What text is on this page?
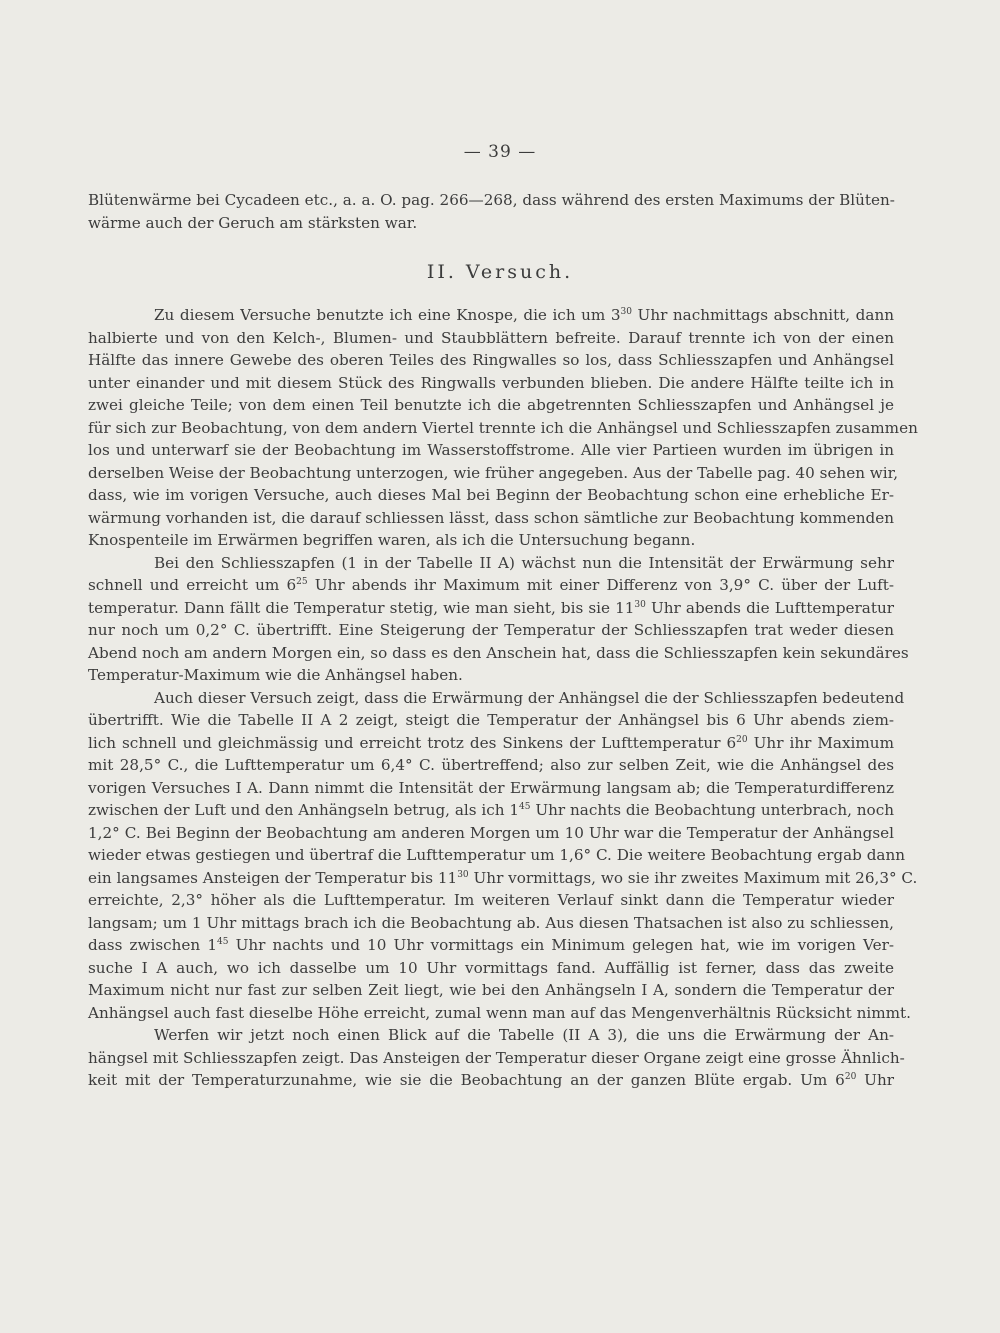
— 39 —
Blütenwärme bei Cycadeen etc., a. a. O. pag. 266—268, dass während des ersten Maximums der Blüten-
wärme auch der Geruch am stärksten war.
II. Versuch.
Zu diesem Versuche benutzte ich eine Knospe, die ich um $3^{30}$ Uhr nachmittags abschnitt, dann
halbierte und von den Kelch-, Blumen- und Staubblättern befreite. Darauf trennte ich von der einen
Hälfte das innere Gewebe des oberen Teiles des Ringwalles so los, dass Schliesszapfen und Anhängsel
unter einander und mit diesem Stück des Ringwalls verbunden blieben. Die andere Hälfte teilte ich in
zwei gleiche Teile; von dem einen Teil benutzte ich die abgetrennten Schliesszapfen und Anhängsel je
für sich zur Beobachtung, von dem andern Viertel trennte ich die Anhängsel und Schliesszapfen zusammen
los und unterwarf sie der Beobachtung im Wasserstoffstrome. Alle vier Partieen wurden im übrigen in
derselben Weise der Beobachtung unterzogen, wie früher angegeben. Aus der Tabelle pag. 40 sehen wir,
dass, wie im vorigen Versuche, auch dieses Mal bei Beginn der Beobachtung schon eine erhebliche Er-
wärmung vorhanden ist, die darauf schliessen lässt, dass schon sämtliche zur Beobachtung kommenden
Knospenteile im Erwärmen begriffen waren, als ich die Untersuchung begann.
Bei den Schliesszapfen (1 in der Tabelle II A) wächst nun die Intensität der Erwärmung sehr
schnell und erreicht um $6^{25}$ Uhr abends ihr Maximum mit einer Differenz von 3,9° C. über der Luft-
temperatur. Dann fällt die Temperatur stetig, wie man sieht, bis sie $11^{30}$ Uhr abends die Lufttemperatur
nur noch um 0,2° C. übertrifft. Eine Steigerung der Temperatur der Schliesszapfen trat weder diesen
Abend noch am andern Morgen ein, so dass es den Anschein hat, dass die Schliesszapfen kein sekundäres
Temperatur-Maximum wie die Anhängsel haben.
Auch dieser Versuch zeigt, dass die Erwärmung der Anhängsel die der Schliesszapfen bedeutend
übertrifft. Wie die Tabelle II A 2 zeigt, steigt die Temperatur der Anhängsel bis 6 Uhr abends ziem-
lich schnell und gleichmässig und erreicht trotz des Sinkens der Lufttemperatur $6^{20}$ Uhr ihr Maximum
mit 28,5° C., die Lufttemperatur um 6,4° C. übertreffend; also zur selben Zeit, wie die Anhängsel des
vorigen Versuches I A. Dann nimmt die Intensität der Erwärmung langsam ab; die Temperaturdifferenz
zwischen der Luft und den Anhängseln betrug, als ich $1^{45}$ Uhr nachts die Beobachtung unterbrach, noch
1,2° C. Bei Beginn der Beobachtung am anderen Morgen um 10 Uhr war die Temperatur der Anhängsel
wieder etwas gestiegen und übertraf die Lufttemperatur um 1,6° C. Die weitere Beobachtung ergab dann
ein langsames Ansteigen der Temperatur bis $11^{30}$ Uhr vormittags, wo sie ihr zweites Maximum mit 26,3° C.
erreichte, 2,3° höher als die Lufttemperatur. Im weiteren Verlauf sinkt dann die Temperatur wieder
langsam; um 1 Uhr mittags brach ich die Beobachtung ab. Aus diesen Thatsachen ist also zu schliessen,
dass zwischen $1^{45}$ Uhr nachts und 10 Uhr vormittags ein Minimum gelegen hat, wie im vorigen Ver-
suche I A auch, wo ich dasselbe um 10 Uhr vormittags fand. Auffällig ist ferner, dass das zweite
Maximum nicht nur fast zur selben Zeit liegt, wie bei den Anhängseln I A, sondern die Temperatur der
Anhängsel auch fast dieselbe Höhe erreicht, zumal wenn man auf das Mengenverhältnis Rücksicht nimmt.
Werfen wir jetzt noch einen Blick auf die Tabelle (II A 3), die uns die Erwärmung der An-
hängsel mit Schliesszapfen zeigt. Das Ansteigen der Temperatur dieser Organe zeigt eine grosse Ähnlich-
keit mit der Temperaturzunahme, wie sie die Beobachtung an der ganzen Blüte ergab. Um $6^{20}$ Uhr
